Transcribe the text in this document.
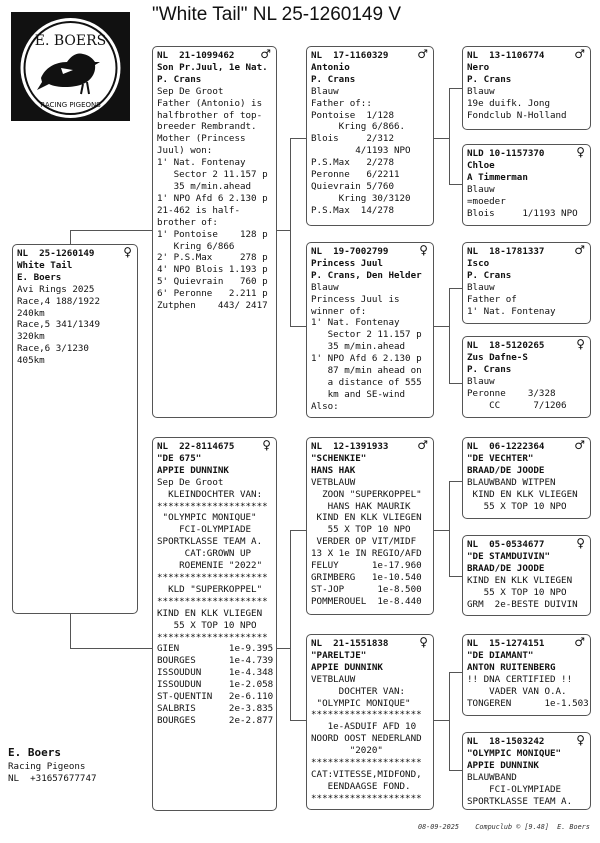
E. BOERS
RACING PIGEONS
"White Tail" NL 25-1260149 V
♀
NL  25-1260149
White Tail
E. Boers
Avi Rings 2025
Race,4 188/1922
240km
Race,5 341/1349
320km
Race,6 3/1230
405km
♂
NL  21-1099462
Son Pr.Juul, 1e Nat.
P. Crans
Sep De Groot
Father (Antonio) is
halfbrother of top-
breeder Rembrandt.
Mother (Princess
Juul) won:
1' Nat. Fontenay
Sector 2 11.157 p
35 m/min.ahead
1' NPO Afd 6 2.130 p
21-462 is half-
brother of:
1' Pontoise    128 p
Kring 6/866
2' P.S.Max     278 p
4' NPO Blois 1.193 p
5' Quievrain   760 p
6' Peronne   2.211 p
Zutphen    443/ 2417
♀
NL  22-8114675
"DE 675"
APPIE DUNNINK
Sep De Groot
KLEINDOCHTER VAN:
********************
"OLYMPIC MONIQUE"
FCI-OLYMPIADE
SPORTKLASSE TEAM A.
CAT:GROWN UP
ROEMENIE "2022"
********************
KLD "SUPERKOPPEL"
********************
KIND EN KLK VLIEGEN
55 X TOP 10 NPO
********************
GIEN         1e-9.395
BOURGES      1e-4.739
ISSOUDUN     1e-4.348
ISSOUDUN     1e-2.058
ST-QUENTIN   2e-6.110
SALBRIS      2e-3.835
BOURGES      2e-2.877
♂
NL  17-1160329
Antonio
P. Crans
Blauw
Father of::
Pontoise  1/128
Kring 6/866.
Blois     2/312
4/1193 NPO
P.S.Max   2/278
Peronne   6/2211
Quievrain 5/760
Kring 30/3120
P.S.Max  14/278
♀
NL  19-7002799
Princess Juul
P. Crans, Den Helder
Blauw
Princess Juul is
winner of:
1' Nat. Fontenay
Sector 2 11.157 p
35 m/min.ahead
1' NPO Afd 6 2.130 p
87 m/min ahead on
a distance of 555
km and SE-wind
Also:
♂
NL  12-1391933
"SCHENKIE"
HANS HAK
VETBLAUW
ZOON "SUPERKOPPEL"
HANS HAK MAURIK
KIND EN KLK VLIEGEN
55 X TOP 10 NPO
VERDER OP VIT/MIDF
13 X 1e IN REGIO/AFD
FELUY      1e-17.960
GRIMBERG   1e-10.540
ST-JOP      1e-8.500
POMMEROUEL  1e-8.440
♀
NL  21-1551838
"PARELTJE"
APPIE DUNNINK
VETBLAUW
DOCHTER VAN:
"OLYMPIC MONIQUE"
********************
1e-ASDUIF AFD 10
NOORD OOST NEDERLAND
"2020"
********************
CAT:VITESSE,MIDFOND,
EENDAAGSE FOND.
********************
♂
NL  13-1106774
Nero
P. Crans
Blauw
19e duifk. Jong
Fondclub N-Holland
♀
NLD 10-1157370
Chloe
A Timmerman
Blauw
=moeder
Blois     1/1193 NPO
♂
NL  18-1781337
Isco
P. Crans
Blauw
Father of
1' Nat. Fontenay
♀
NL  18-5120265
Zus Dafne-S
P. Crans
Blauw
Peronne    3/328
CC      7/1206
♂
NL  06-1222364
"DE VECHTER"
BRAAD/DE JOODE
BLAUWBAND WITPEN
KIND EN KLK VLIEGEN
55 X TOP 10 NPO
♀
NL  05-0534677
"DE STAMDUIVIN"
BRAAD/DE JOODE
KIND EN KLK VLIEGEN
55 X TOP 10 NPO
GRM  2e-BESTE DUIVIN
♂
NL  15-1274151
"DE DIAMANT"
ANTON RUITENBERG
!! DNA CERTIFIED !!
VADER VAN O.A.
TONGEREN      1e-1.503
♀
NL  18-1503242
"OLYMPIC MONIQUE"
APPIE DUNNINK
BLAUWBAND
FCI-OLYMPIADE
SPORTKLASSE TEAM A.
E. Boers
Racing Pigeons
NL  +31657677747
08-09-2025    Compuclub © [9.48]  E. Boers
